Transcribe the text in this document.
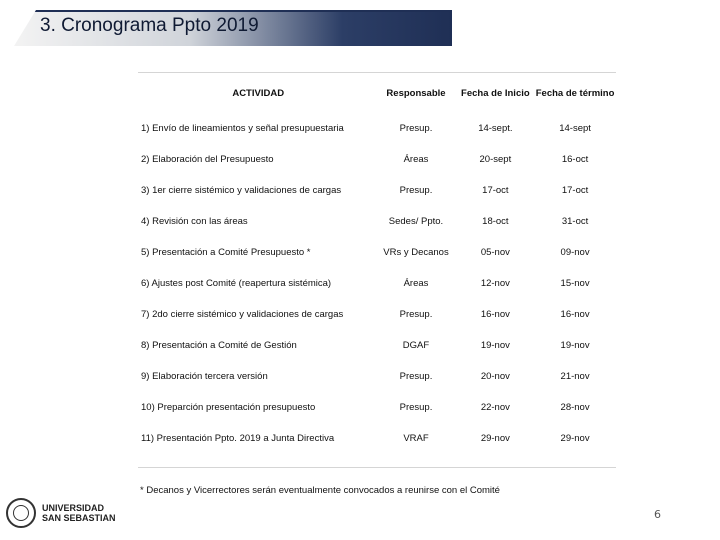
3. Cronograma Ppto 2019
ACTIVIDAD	Responsable	Fecha de Inicio	Fecha de término
1) Envío de lineamientos y señal presupuestaria	Presup.	14-sept.	14-sept
2) Elaboración del Presupuesto	Áreas	20-sept	16-oct
3) 1er cierre sistémico y validaciones de cargas	Presup.	17-oct	17-oct
4) Revisión con las áreas	Sedes/ Ppto.	18-oct	31-oct
5) Presentación a Comité Presupuesto *	VRs y Decanos	05-nov	09-nov
6) Ajustes post Comité (reapertura sistémica)	Áreas	12-nov	15-nov
7) 2do cierre sistémico y validaciones de cargas	Presup.	16-nov	16-nov
8) Presentación a Comité de Gestión	DGAF	19-nov	19-nov
9) Elaboración tercera versión	Presup.	20-nov	21-nov
10) Preparción presentación presupuesto	Presup.	22-nov	28-nov
11) Presentación Ppto. 2019 a Junta Directiva	VRAF	29-nov	29-nov
* Decanos y Vicerrectores serán eventualmente convocados a reunirse con el Comité
UNIVERSIDAD
SAN SEBASTIAN	6
